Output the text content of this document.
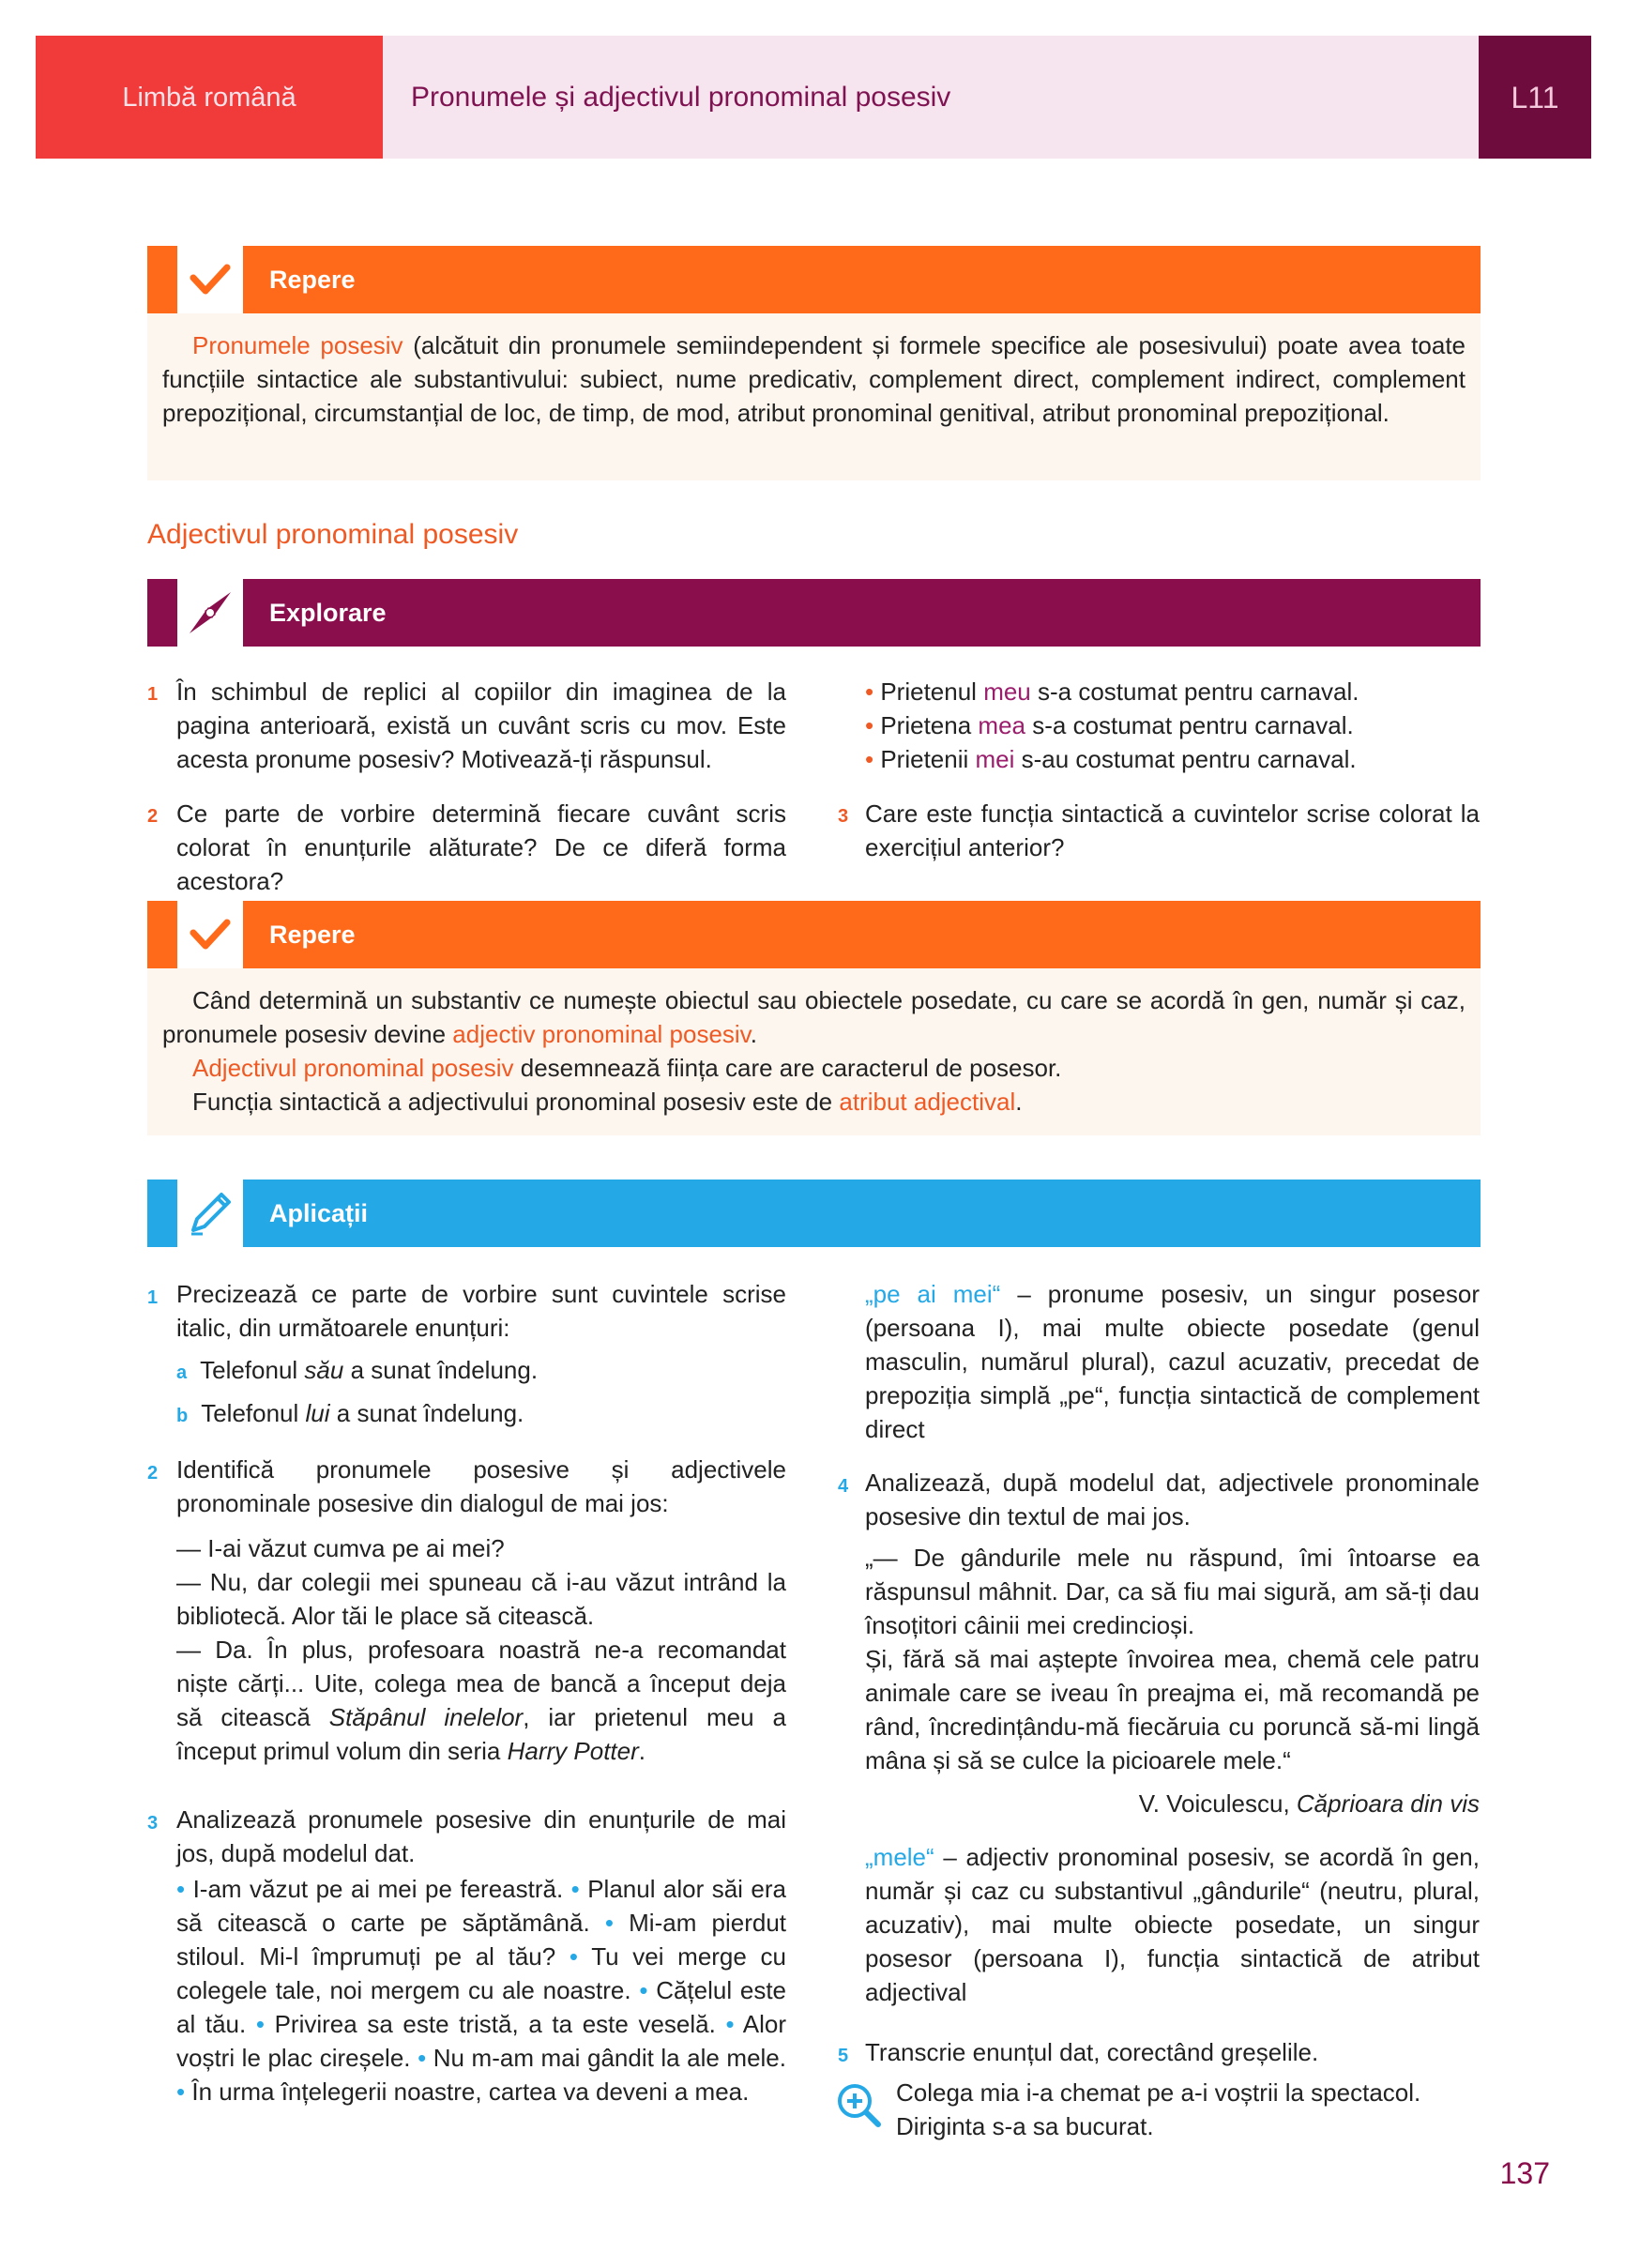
Limbă română	Pronumele și adjectivul pronominal posesiv	L11
Repere

Pronumele posesiv (alcătuit din pronumele semiindependent și formele specifice ale posesivului) poate avea toate funcțiile sintactice ale substantivului: subiect, nume predicativ, complement direct, complement indirect, complement prepozițional, circumstanțial de loc, de timp, de mod, atribut pronominal genitival, atribut pronominal prepozițional.

Adjectivul pronominal posesiv
Explorare
1 În schimbul de replici al copiilor din imaginea de la pagina anterioară, există un cuvânt scris cu mov. Este acesta pronume posesiv? Motivează-ți răspunsul.
2 Ce parte de vorbire determină fiecare cuvânt scris colorat în enunțurile alăturate? De ce diferă forma acestora?

• Prietenul meu s-a costumat pentru carnaval.

• Prietena mea s-a costumat pentru carnaval.

• Prietenii mei s-au costumat pentru carnaval.

3 Care este funcția sintactică a cuvintelor scrise colorat la exercițiul anterior?
Repere

Când determină un substantiv ce numește obiectul sau obiectele posedate, cu care se acordă în gen, număr și caz, pronumele posesiv devine adjectiv pronominal posesiv.

Adjectivul pronominal posesiv desemnează ființa care are caracterul de posesor.

Funcția sintactică a adjectivului pronominal posesiv este de atribut adjectival.

Aplicații
1 Precizează ce parte de vorbire sunt cuvintele scrise italic, din următoarele enunțuri:
a Telefonul său a sunat îndelung.
b Telefonul lui a sunat îndelung.
2 Identifică pronumele posesive și adjectivele pronominale posesive din dialogul de mai jos:

— I-ai văzut cumva pe ai mei?

— Nu, dar colegii mei spuneau că i-au văzut intrând la bibliotecă. Alor tăi le place să citească.

— Da. În plus, profesoara noastră ne-a recomandat niște cărți... Uite, colega mea de bancă a început deja să citească Stăpânul inelelor, iar prietenul meu a început primul volum din seria Harry Potter.

3 Analizează pronumele posesive din enunțurile de mai jos, după modelul dat.
• I-am văzut pe ai mei pe fereastră. • Planul alor săi era să citească o carte pe săptămână. • Mi-am pierdut stiloul. Mi-l împrumuți pe al tău? • Tu vei merge cu colegele tale, noi mergem cu ale noastre. • Cățelul este al tău. • Privirea sa este tristă, a ta este veselă. • Alor voștri le plac cireșele. • Nu m-am mai gândit la ale mele. • În urma înțelegerii noastre, cartea va deveni a mea.
„pe ai mei“ – pronume posesiv, un singur posesor (persoana I), mai multe obiecte posedate (genul masculin, numărul plural), cazul acuzativ, precedat de prepoziția simplă „pe“, funcția sintactică de complement direct
4 Analizează, după modelul dat, adjectivele pronominale posesive din textul de mai jos.

„— De gândurile mele nu răspund, îmi întoarse ea răspunsul mâhnit. Dar, ca să fiu mai sigură, am să-ți dau însoțitori câinii mei credincioși.

Și, fără să mai aștepte învoirea mea, chemă cele patru animale care se iveau în preajma ei, mă recomandă pe rând, încredințându-mă fiecăruia cu poruncă să-mi lingă mâna și să se culce la picioarele mele.“

V. Voiculescu, Căprioara din vis
„mele“ – adjectiv pronominal posesiv, se acordă în gen, număr și caz cu substantivul „gândurile“ (neutru, plural, acuzativ), mai multe obiecte posedate, un singur posesor (persoana I), funcția sintactică de atribut adjectival
5 Transcrie enunțul dat, corectând greșelile.
Colega mia i-a chemat pe a-i voștrii la spectacol. Diriginta s-a sa bucurat.
137
